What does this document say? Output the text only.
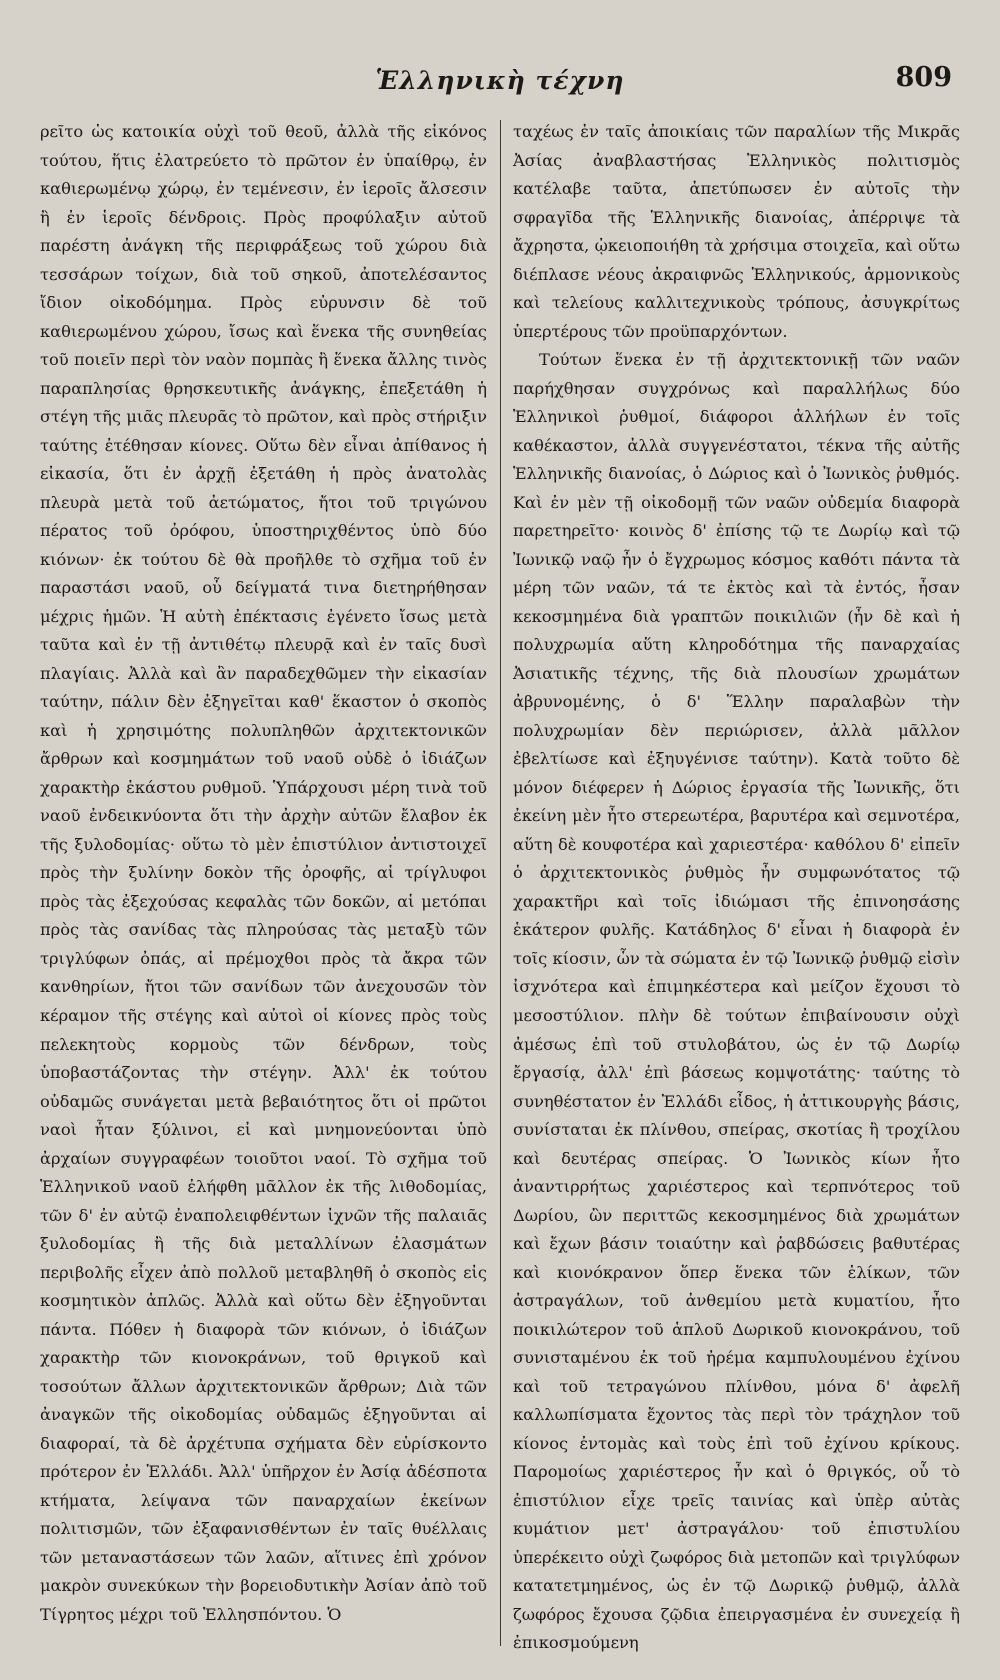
Ἑλληνικὴ τέχνη	809

ρεῖτο ὡς κατοικία οὐχὶ τοῦ θεοῦ, ἀλλὰ τῆς εἰκόνος τούτου, ἥτις ἐλατρεύετο τὸ πρῶτον ἐν ὑπαίθρῳ, ἐν καθιερωμένῳ χώρῳ, ἐν τεμένεσιν, ἐν ἱεροῖς ἄλσεσιν ἢ ἐν ἱεροῖς δένδροις. Πρὸς προφύλαξιν αὐτοῦ παρέστη ἀνάγκη τῆς περιφράξεως τοῦ χώρου διὰ τεσσάρων τοίχων, διὰ τοῦ σηκοῦ, ἀποτελέσαντος ἴδιον οἰκοδόμημα. Πρὸς εὐρυνσιν δὲ τοῦ καθιερωμένου χώρου, ἴσως καὶ ἕνεκα τῆς συνηθείας τοῦ ποιεῖν περὶ τὸν ναὸν πομπὰς ἢ ἕνεκα ἄλλης τινὸς παραπλησίας θρησκευτικῆς ἀνάγκης, ἐπεξετάθη ἡ στέγη τῆς μιᾶς πλευρᾶς τὸ πρῶτον, καὶ πρὸς στήριξιν ταύτης ἐτέθησαν κίονες. Οὕτω δὲν εἶναι ἀπίθανος ἡ εἰκασία, ὅτι ἐν ἀρχῇ ἐξετάθη ἡ πρὸς ἀνατολὰς πλευρὰ μετὰ τοῦ ἀετώματος, ἤτοι τοῦ τριγώνου πέρατος τοῦ ὀρόφου, ὑποστηριχθέντος ὑπὸ δύο κιόνων· ἐκ τούτου δὲ θὰ προῆλθε τὸ σχῆμα τοῦ ἐν παραστάσι ναοῦ, οὗ δείγματά τινα διετηρήθησαν μέχρις ἡμῶν. Ἡ αὐτὴ ἐπέκτασις ἐγένετο ἴσως μετὰ ταῦτα καὶ ἐν τῇ ἀντιθέτῳ πλευρᾷ καὶ ἐν ταῖς δυσὶ πλαγίαις. Ἀλλὰ καὶ ἂν παραδεχθῶμεν τὴν εἰκασίαν ταύτην, πάλιν δὲν ἐξηγεῖται καθ' ἕκαστον ὁ σκοπὸς καὶ ἡ χρησιμότης πολυπληθῶν ἀρχιτεκτονικῶν ἄρθρων καὶ κοσμημάτων τοῦ ναοῦ οὐδὲ ὁ ἰδιάζων χαρακτὴρ ἑκάστου ρυθμοῦ. Ὑπάρχουσι μέρη τινὰ τοῦ ναοῦ ἐνδεικνύοντα ὅτι τὴν ἀρχὴν αὐτῶν ἔλαβον ἐκ τῆς ξυλοδομίας· οὕτω τὸ μὲν ἐπιστύλιον ἀντιστοιχεῖ πρὸς τὴν ξυλίνην δοκὸν τῆς ὀροφῆς, αἱ τρίγλυφοι πρὸς τὰς ἐξεχούσας κεφαλὰς τῶν δοκῶν, αἱ μετόπαι πρὸς τὰς σανίδας τὰς πληρούσας τὰς μεταξὺ τῶν τριγλύφων ὀπάς, αἱ πρέμοχθοι πρὸς τὰ ἄκρα τῶν κανθηρίων, ἤτοι τῶν σανίδων τῶν ἀνεχουσῶν τὸν κέραμον τῆς στέγης καὶ αὐτοὶ οἱ κίονες πρὸς τοὺς πελεκητοὺς κορμοὺς τῶν δένδρων, τοὺς ὑποβαστάζοντας τὴν στέγην. Ἀλλ' ἐκ τούτου οὐδαμῶς συνάγεται μετὰ βεβαιότητος ὅτι οἱ πρῶτοι ναοὶ ἦταν ξύλινοι, εἰ καὶ μνημονεύονται ὑπὸ ἀρχαίων συγγραφέων τοιοῦτοι ναοί. Τὸ σχῆμα τοῦ Ἑλληνικοῦ ναοῦ ἐλήφθη μᾶλλον ἐκ τῆς λιθοδομίας, τῶν δ' ἐν αὐτῷ ἐναπολειφθέντων ἰχνῶν τῆς παλαιᾶς ξυλοδομίας ἢ τῆς διὰ μεταλλίνων ἐλασμάτων περιβολῆς εἶχεν ἀπὸ πολλοῦ μεταβληθῆ ὁ σκοπὸς εἰς κοσμητικὸν ἁπλῶς. Ἀλλὰ καὶ οὕτω δὲν ἐξηγοῦνται πάντα. Πόθεν ἡ διαφορὰ τῶν κιόνων, ὁ ἰδιάζων χαρακτὴρ τῶν κιονοκράνων, τοῦ θριγκοῦ καὶ τοσούτων ἄλλων ἀρχιτεκτονικῶν ἄρθρων; Διὰ τῶν ἀναγκῶν τῆς οἰκοδομίας οὐδαμῶς ἐξηγοῦνται αἱ διαφοραί, τὰ δὲ ἀρχέτυπα σχήματα δὲν εὑρίσκοντο πρότερον ἐν Ἑλλάδι. Ἀλλ' ὑπῆρχον ἐν Ἀσίᾳ ἀδέσποτα κτήματα, λείψανα τῶν παναρχαίων ἐκείνων πολιτισμῶν, τῶν ἐξαφανισθέντων ἐν ταῖς θυέλλαις τῶν μεταναστάσεων τῶν λαῶν, αἵτινες ἐπὶ χρόνον μακρὸν συνεκύκων τὴν βορειοδυτικὴν Ἀσίαν ἀπὸ τοῦ Τίγρητος μέχρι τοῦ Ἑλλησπόντου. Ὁ

ταχέως ἐν ταῖς ἀποικίαις τῶν παραλίων τῆς Μικρᾶς Ἀσίας ἀναβλαστήσας Ἑλληνικὸς πολιτισμὸς κατέλαβε ταῦτα, ἀπετύπωσεν ἐν αὐτοῖς τὴν σφραγῖδα τῆς Ἑλληνικῆς διανοίας, ἀπέρριψε τὰ ἄχρηστα, ᾠκειοποιήθη τὰ χρήσιμα στοιχεῖα, καὶ οὕτω διέπλασε νέους ἀκραιφνῶς Ἑλληνικούς, ἁρμονικοὺς καὶ τελείους καλλιτεχνικοὺς τρόπους, ἀσυγκρίτως ὑπερτέρους τῶν προϋπαρχόντων.

Τούτων ἕνεκα ἐν τῇ ἀρχιτεκτονικῇ τῶν ναῶν παρήχθησαν συγχρόνως καὶ παραλλήλως δύο Ἑλληνικοὶ ῥυθμοί, διάφοροι ἀλλήλων ἐν τοῖς καθέκαστον, ἀλλὰ συγγενέστατοι, τέκνα τῆς αὐτῆς Ἑλληνικῆς διανοίας, ὁ Δώριος καὶ ὁ Ἰωνικὸς ῥυθμός. Καὶ ἐν μὲν τῇ οἰκοδομῇ τῶν ναῶν οὐδεμία διαφορὰ παρετηρεῖτο· κοινὸς δ' ἐπίσης τῷ τε Δωρίῳ καὶ τῷ Ἰωνικῷ ναῷ ἦν ὁ ἔγχρωμος κόσμος καθότι πάντα τὰ μέρη τῶν ναῶν, τά τε ἐκτὸς καὶ τὰ ἐντός, ἦσαν κεκοσμημένα διὰ γραπτῶν ποικιλιῶν (ἦν δὲ καὶ ἡ πολυχρωμία αὕτη κληροδότημα τῆς παναρχαίας Ἀσιατικῆς τέχνης, τῆς διὰ πλουσίων χρωμάτων ἀβρυνομένης, ὁ δ' Ἕλλην παραλαβὼν τὴν πολυχρωμίαν δὲν περιώρισεν, ἀλλὰ μᾶλλον ἐβελτίωσε καὶ ἐξηυγένισε ταύτην). Κατὰ τοῦτο δὲ μόνον διέφερεν ἡ Δώριος ἐργασία τῆς Ἰωνικῆς, ὅτι ἐκείνη μὲν ἦτο στερεωτέρα, βαρυτέρα καὶ σεμνοτέρα, αὕτη δὲ κουφοτέρα καὶ χαριεστέρα· καθόλου δ' εἰπεῖν ὁ ἀρχιτεκτονικὸς ῥυθμὸς ἦν συμφωνότατος τῷ χαρακτῆρι καὶ τοῖς ἰδιώμασι τῆς ἐπινοησάσης ἑκάτερον φυλῆς. Κατάδηλος δ' εἶναι ἡ διαφορὰ ἐν τοῖς κίοσιν, ὧν τὰ σώματα ἐν τῷ Ἰωνικῷ ῥυθμῷ εἰσὶν ἰσχνότερα καὶ ἐπιμηκέστερα καὶ μείζον ἔχουσι τὸ μεσοστύλιον. πλὴν δὲ τούτων ἐπιβαίνουσιν οὐχὶ ἀμέσως ἐπὶ τοῦ στυλοβάτου, ὡς ἐν τῷ Δωρίῳ ἔργασίᾳ, ἀλλ' ἐπὶ βάσεως κομψοτάτης· ταύτης τὸ συνηθέστατον ἐν Ἑλλάδι εἶδος, ἡ ἀττικουργὴς βάσις, συνίσταται ἐκ πλίνθου, σπείρας, σκοτίας ἢ τροχίλου καὶ δευτέρας σπείρας. Ὁ Ἰωνικὸς κίων ἦτο ἀναντιρρήτως χαριέστερος καὶ τερπνότερος τοῦ Δωρίου, ὢν περιττῶς κεκοσμημένος διὰ χρωμάτων καὶ ἔχων βάσιν τοιαύτην καὶ ῥαβδώσεις βαθυτέρας καὶ κιονόκρανον ὅπερ ἕνεκα τῶν ἑλίκων, τῶν ἀστραγάλων, τοῦ ἀνθεμίου μετὰ κυματίου, ἦτο ποικιλώτερον τοῦ ἁπλοῦ Δωρικοῦ κιονοκράνου, τοῦ συνισταμένου ἐκ τοῦ ἠρέμα καμπυλουμένου ἐχίνου καὶ τοῦ τετραγώνου πλίνθου, μόνα δ' ἀφελῆ καλλωπίσματα ἔχοντος τὰς περὶ τὸν τράχηλον τοῦ κίονος ἐντομὰς καὶ τοὺς ἐπὶ τοῦ ἐχίνου κρίκους. Παρομοίως χαριέστερος ἦν καὶ ὁ θριγκός, οὗ τὸ ἐπιστύλιον εἶχε τρεῖς ταινίας καὶ ὑπὲρ αὐτὰς κυμάτιον μετ' ἀστραγάλου· τοῦ ἐπιστυλίου ὑπερέκειτο οὐχὶ ζωφόρος διὰ μετοπῶν καὶ τριγλύφων κατατετμημένος, ὡς ἐν τῷ Δωρικῷ ῥυθμῷ, ἀλλὰ ζωφόρος ἔχουσα ζῷδια ἐπειργασμένα ἐν συνεχείᾳ ἢ ἐπικοσμούμενη
